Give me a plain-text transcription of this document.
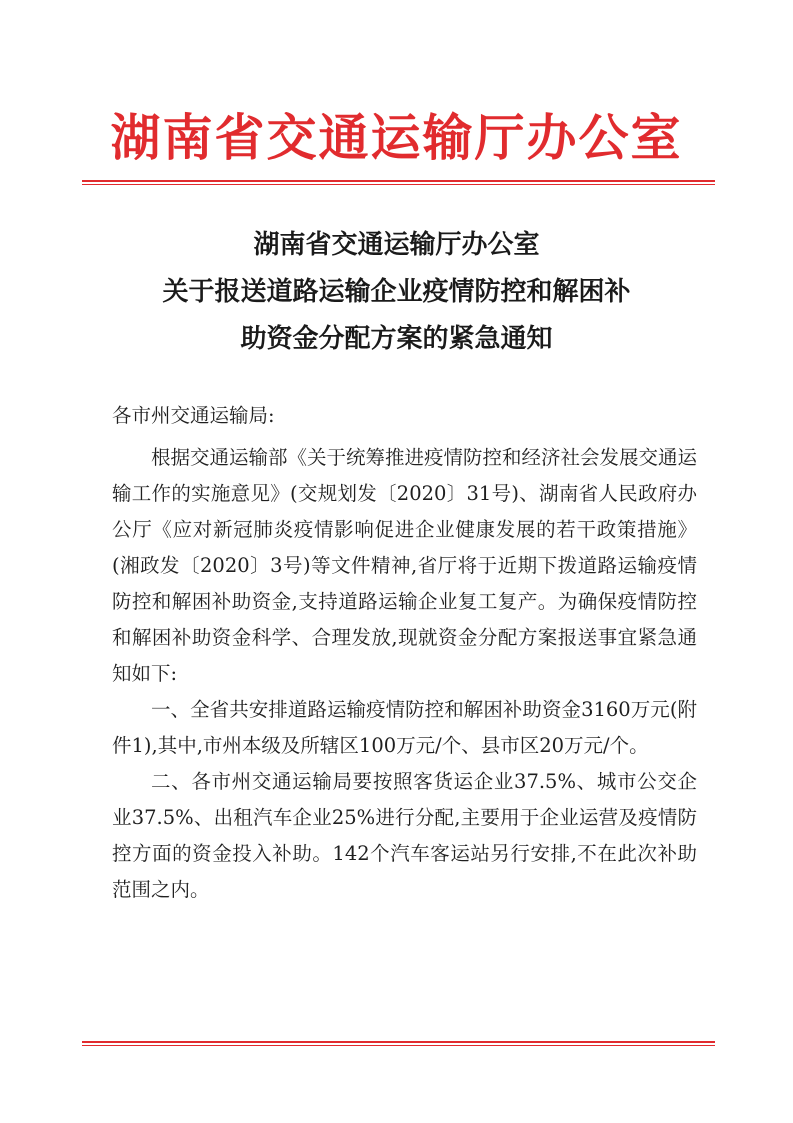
湖南省交通运输厅办公室
湖南省交通运输厅办公室
关于报送道路运输企业疫情防控和解困补
助资金分配方案的紧急通知

各市州交通运输局:

根据交通运输部《关于统筹推进疫情防控和经济社会发展交通运输工作的实施意见》(交规划发〔2020〕31号)、湖南省人民政府办公厅《应对新冠肺炎疫情影响促进企业健康发展的若干政策措施》(湘政发〔2020〕3号)等文件精神,省厅将于近期下拨道路运输疫情防控和解困补助资金,支持道路运输企业复工复产。为确保疫情防控和解困补助资金科学、合理发放,现就资金分配方案报送事宜紧急通知如下:

一、全省共安排道路运输疫情防控和解困补助资金3160万元(附件1),其中,市州本级及所辖区100万元/个、县市区20万元/个。

二、各市州交通运输局要按照客货运企业37.5%、城市公交企业37.5%、出租汽车企业25%进行分配,主要用于企业运营及疫情防控方面的资金投入补助。142个汽车客运站另行安排,不在此次补助范围之内。
